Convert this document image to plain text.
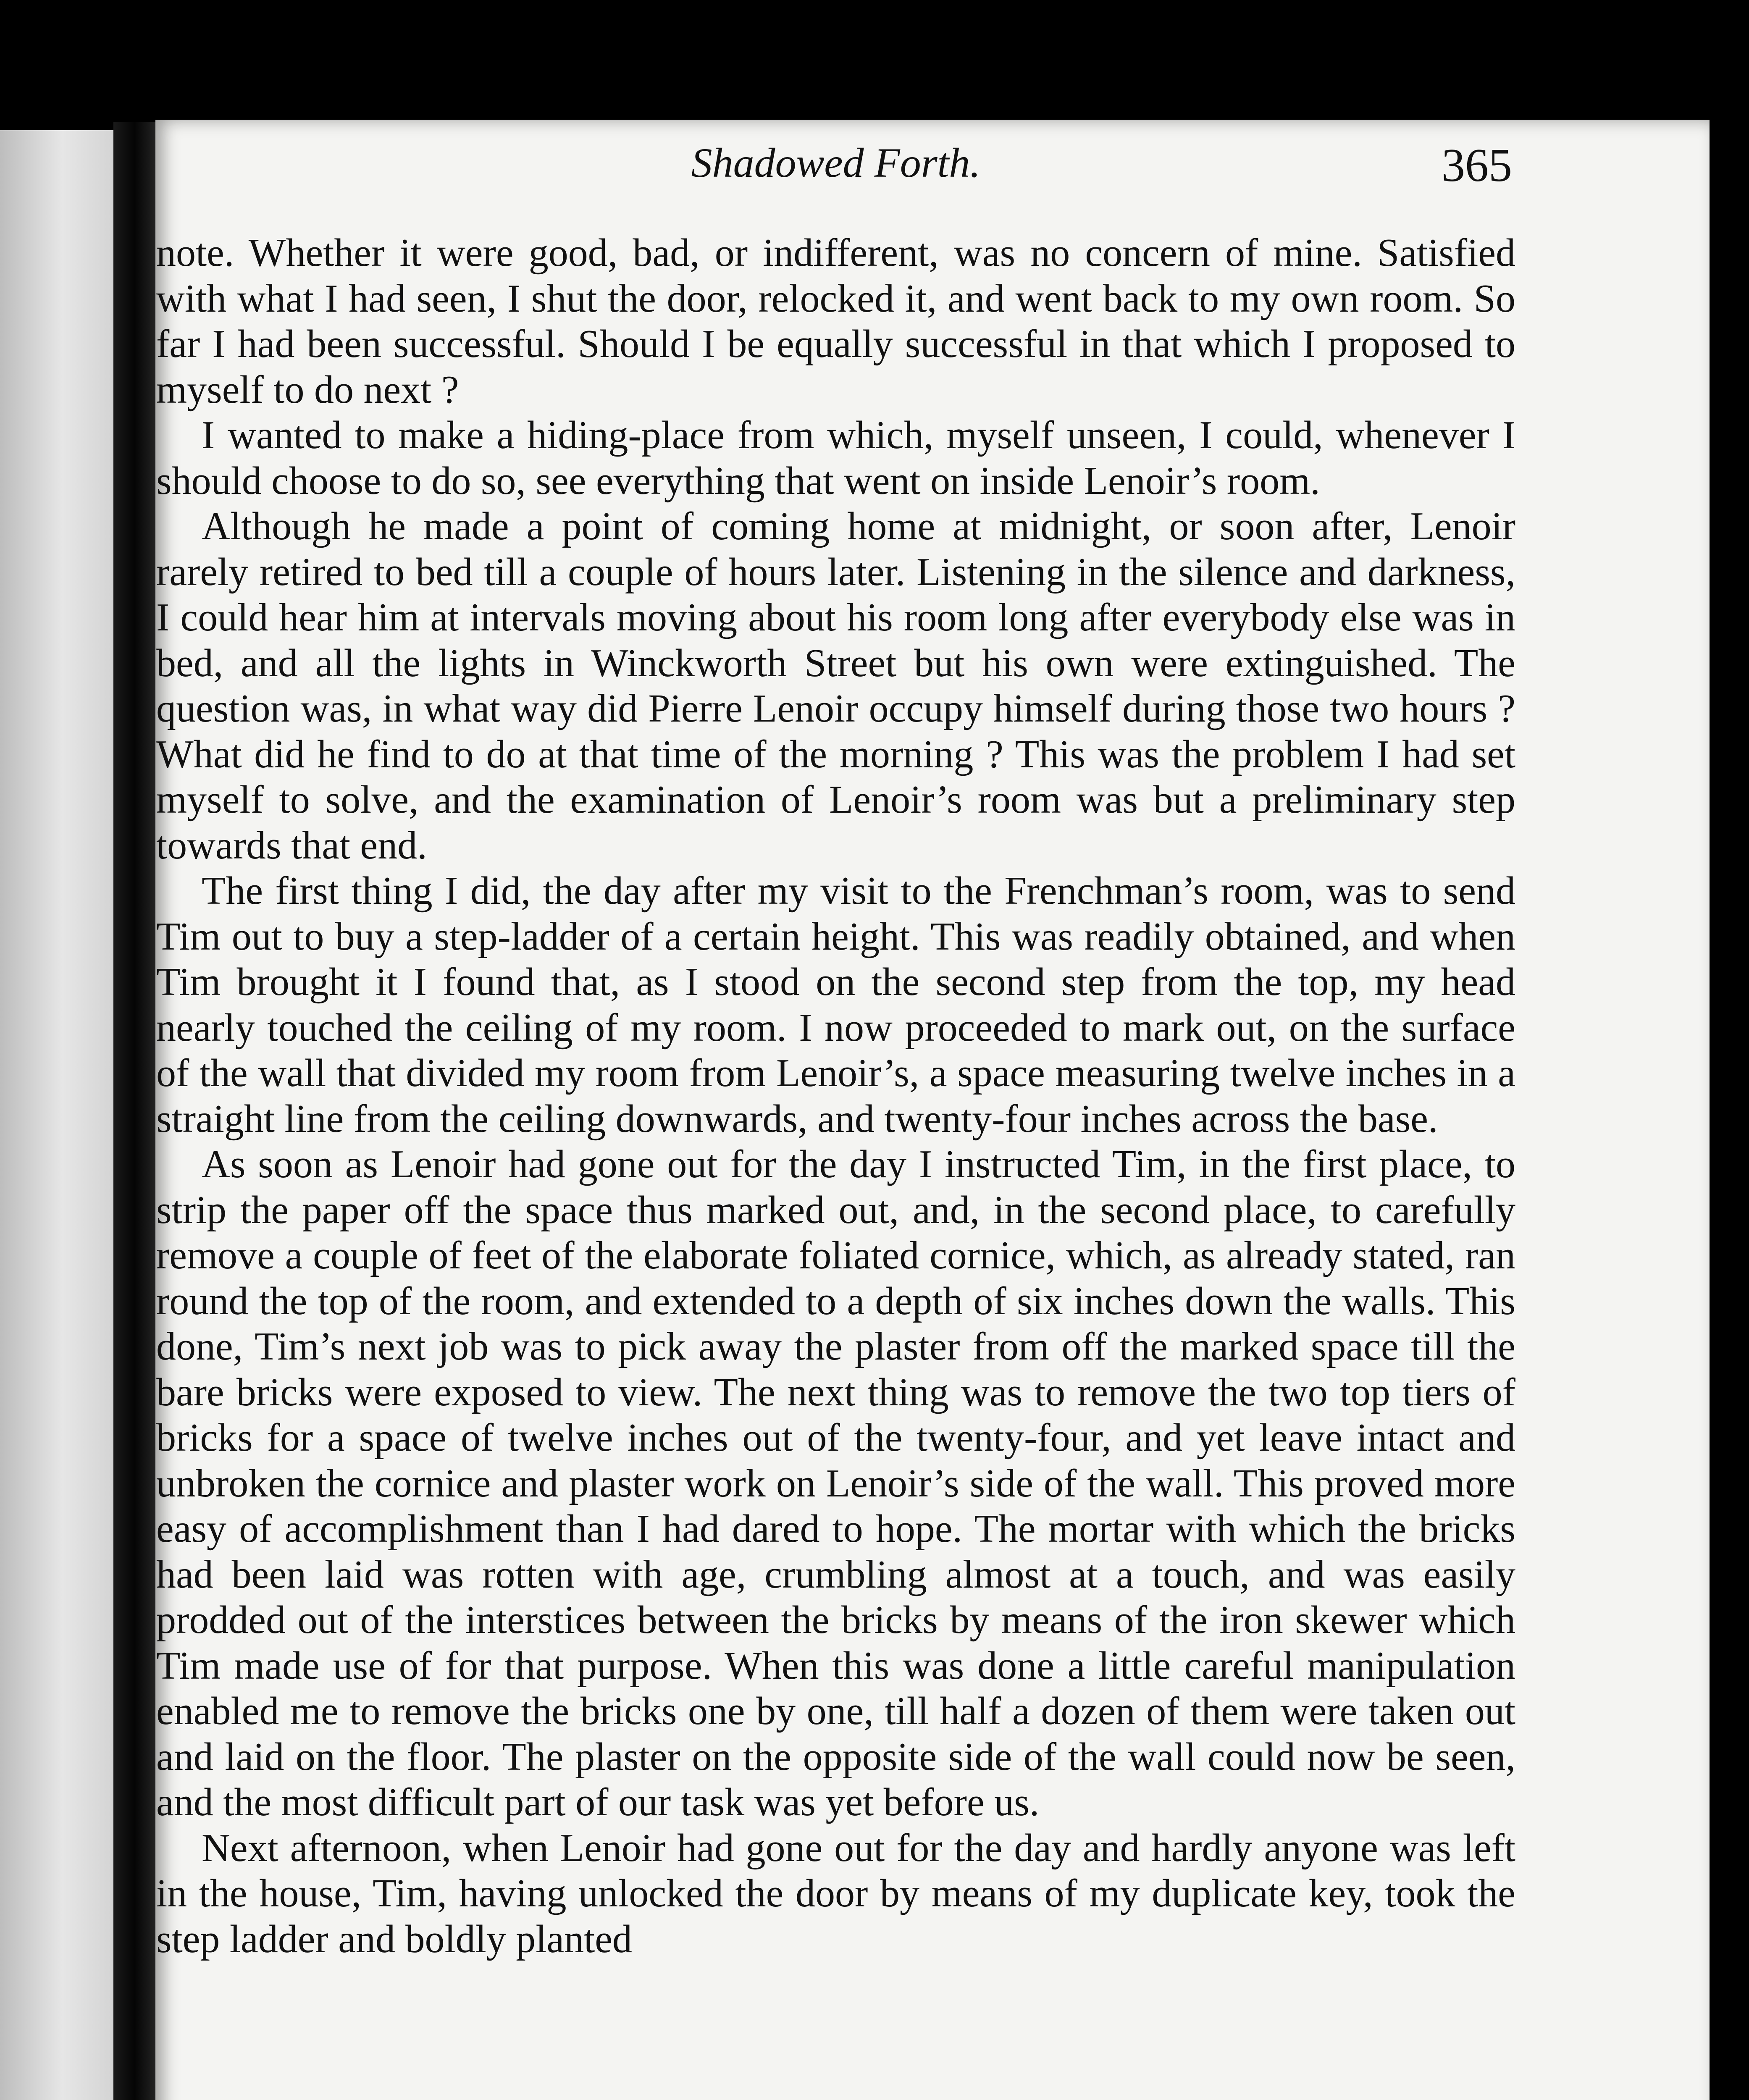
Shadowed Forth.	365

note. Whether it were good, bad, or indifferent, was no concern of mine. Satisfied with what I had seen, I shut the door, relocked it, and went back to my own room. So far I had been successful. Should I be equally successful in that which I proposed to myself to do next ?

I wanted to make a hiding-place from which, myself unseen, I could, whenever I should choose to do so, see everything that went on inside Lenoir’s room.

Although he made a point of coming home at midnight, or soon after, Lenoir rarely retired to bed till a couple of hours later. Listening in the silence and darkness, I could hear him at intervals moving about his room long after everybody else was in bed, and all the lights in Winckworth Street but his own were extinguished. The question was, in what way did Pierre Lenoir occupy himself during those two hours ? What did he find to do at that time of the morning ? This was the problem I had set myself to solve, and the examination of Lenoir’s room was but a preliminary step towards that end.

The first thing I did, the day after my visit to the Frenchman’s room, was to send Tim out to buy a step-ladder of a certain height. This was readily obtained, and when Tim brought it I found that, as I stood on the second step from the top, my head nearly touched the ceiling of my room. I now proceeded to mark out, on the surface of the wall that divided my room from Lenoir’s, a space measuring twelve inches in a straight line from the ceiling downwards, and twenty-four inches across the base.

As soon as Lenoir had gone out for the day I instructed Tim, in the first place, to strip the paper off the space thus marked out, and, in the second place, to carefully remove a couple of feet of the elaborate foliated cornice, which, as already stated, ran round the top of the room, and extended to a depth of six inches down the walls. This done, Tim’s next job was to pick away the plaster from off the marked space till the bare bricks were exposed to view. The next thing was to remove the two top tiers of bricks for a space of twelve inches out of the twenty-four, and yet leave intact and unbroken the cornice and plaster work on Lenoir’s side of the wall. This proved more easy of accomplishment than I had dared to hope. The mortar with which the bricks had been laid was rotten with age, crumbling almost at a touch, and was easily prodded out of the interstices between the bricks by means of the iron skewer which Tim made use of for that purpose. When this was done a little careful manipulation enabled me to remove the bricks one by one, till half a dozen of them were taken out and laid on the floor. The plaster on the opposite side of the wall could now be seen, and the most difficult part of our task was yet before us.

Next afternoon, when Lenoir had gone out for the day and hardly anyone was left in the house, Tim, having unlocked the door by means of my duplicate key, took the step ladder and boldly planted
